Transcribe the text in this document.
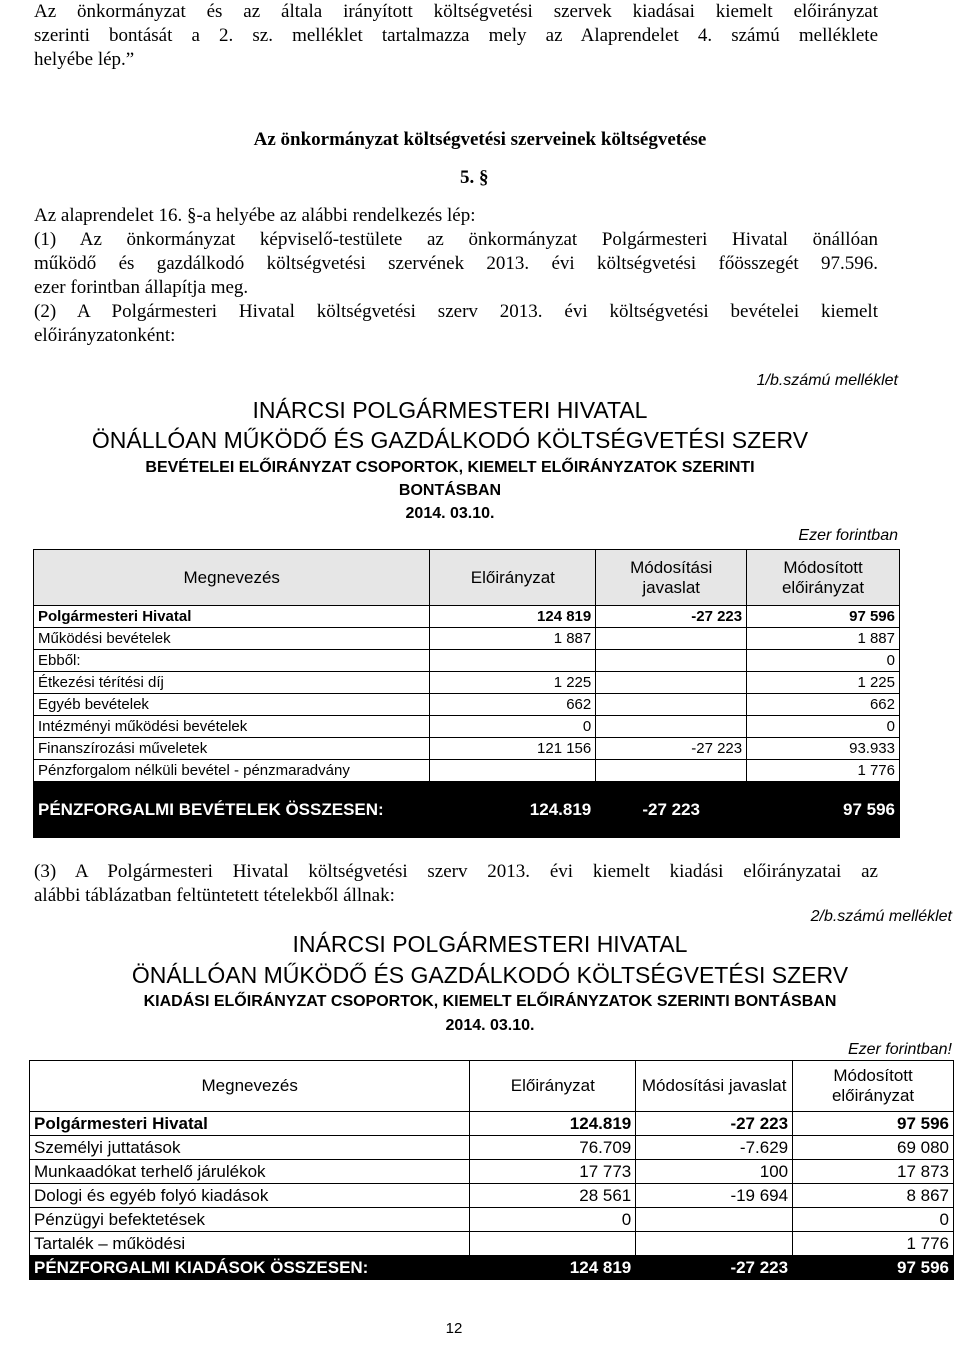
Az önkormányzat és az általa irányított költségvetési szervek kiadásai kiemelt előirányzat

szerinti bontását a 2. sz. melléklet tartalmazza mely az Alaprendelet 4. számú melléklete

helyébe lép.”

Az önkormányzat költségvetési szerveinek költségvetése
5. §

Az alaprendelet 16. §-a helyébe az alábbi rendelkezés lép:

(1) Az önkormányzat képviselő-testülete az önkormányzat Polgármesteri Hivatal önállóan

működő és gazdálkodó költségvetési szervének 2013. évi költségvetési főösszegét 97.596.

ezer forintban állapítja meg.

(2) A Polgármesteri Hivatal költségvetési szerv 2013. évi költségvetési bevételei kiemelt

előirányzatonként:

1/b.számú melléklet
INÁRCSI POLGÁRMESTERI HIVATAL
ÖNÁLLÓAN MŰKÖDŐ ÉS GAZDÁLKODÓ KÖLTSÉGVETÉSI SZERV
BEVÉTELEI ELŐIRÁNYZAT CSOPORTOK, KIEMELT ELŐIRÁNYZATOK SZERINTI
BONTÁSBAN
2014. 03.10.
Ezer forintban
Megnevezés	Előirányzat	Módosítási javaslat	Módosított előirányzat
Polgármesteri Hivatal	124 819	-27 223	97 596
Működési bevételek	1 887		1 887
Ebből:			0
Étkezési térítési díj	1 225		1 225
Egyéb bevételek	662		662
Intézményi működési bevételek	0		0
Finanszírozási műveletek	121 156	-27 223	93.933
Pénzforgalom nélküli bevétel - pénzmaradvány			1 776
PÉNZFORGALMI BEVÉTELEK ÖSSZESEN:	124.819	-27 223	97 596

(3) A Polgármesteri Hivatal költségvetési szerv 2013. évi kiemelt kiadási előirányzatai az

alábbi táblázatban feltüntetett tételekből állnak:

2/b.számú melléklet
INÁRCSI POLGÁRMESTERI HIVATAL
ÖNÁLLÓAN MŰKÖDŐ ÉS GAZDÁLKODÓ KÖLTSÉGVETÉSI SZERV
KIADÁSI ELŐIRÁNYZAT CSOPORTOK, KIEMELT ELŐIRÁNYZATOK SZERINTI BONTÁSBAN
2014. 03.10.
Ezer forintban!
Megnevezés	Előirányzat	Módosítási javaslat	Módosított előirányzat
Polgármesteri Hivatal	124.819	-27 223	97 596
Személyi juttatások	76.709	-7.629	69 080
Munkaadókat terhelő járulékok	17 773	100	17 873
Dologi és egyéb folyó kiadások	28 561	-19 694	8 867
Pénzügyi befektetések	0		0
Tartalék – működési			1 776
PÉNZFORGALMI KIADÁSOK ÖSSZESEN:	124 819	-27 223	97 596
12
